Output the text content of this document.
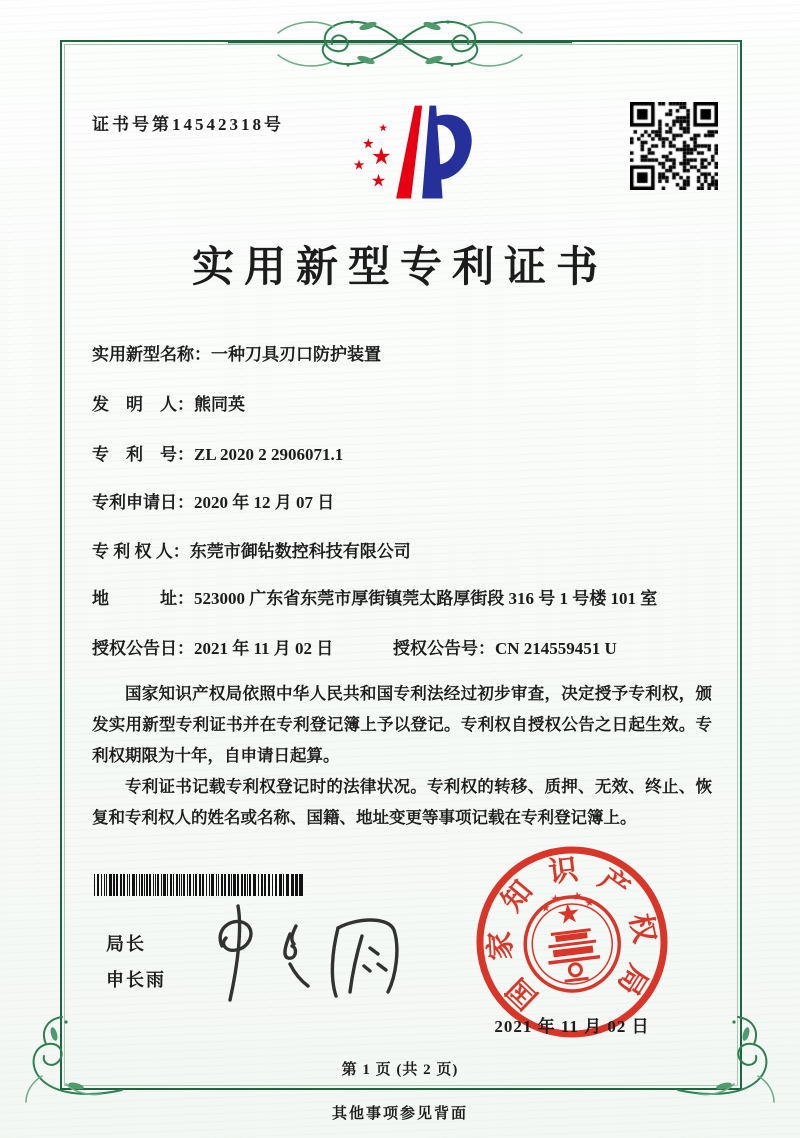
证书号第14542318号
实用新型专利证书
实用新型名称： 一种刀具刃口防护装置
发　明　人： 熊同英
专　利　号： ZL 2020 2 2906071.1
专利申请日： 2020 年 12 月 07 日
专 利 权 人： 东莞市御钻数控科技有限公司
地　　　址： 523000 广东省东莞市厚街镇莞太路厚街段 316 号 1 号楼 101 室
授权公告日：2021 年 11 月 02 日	授权公告号：CN 214559451 U

国家知识产权局依照中华人民共和国专利法经过初步审查，决定授予专利权，颁发实用新型专利证书并在专利登记簿上予以登记。专利权自授权公告之日起生效。专利权期限为十年，自申请日起算。

专利证书记载专利权登记时的法律状况。专利权的转移、质押、无效、终止、恢复和专利权人的姓名或名称、国籍、地址变更等事项记载在专利登记簿上。

局长
申长雨	国
家
知
识 产
权
局
2021 年 11 月 02 日
第 1 页 (共 2 页)
其他事项参见背面
